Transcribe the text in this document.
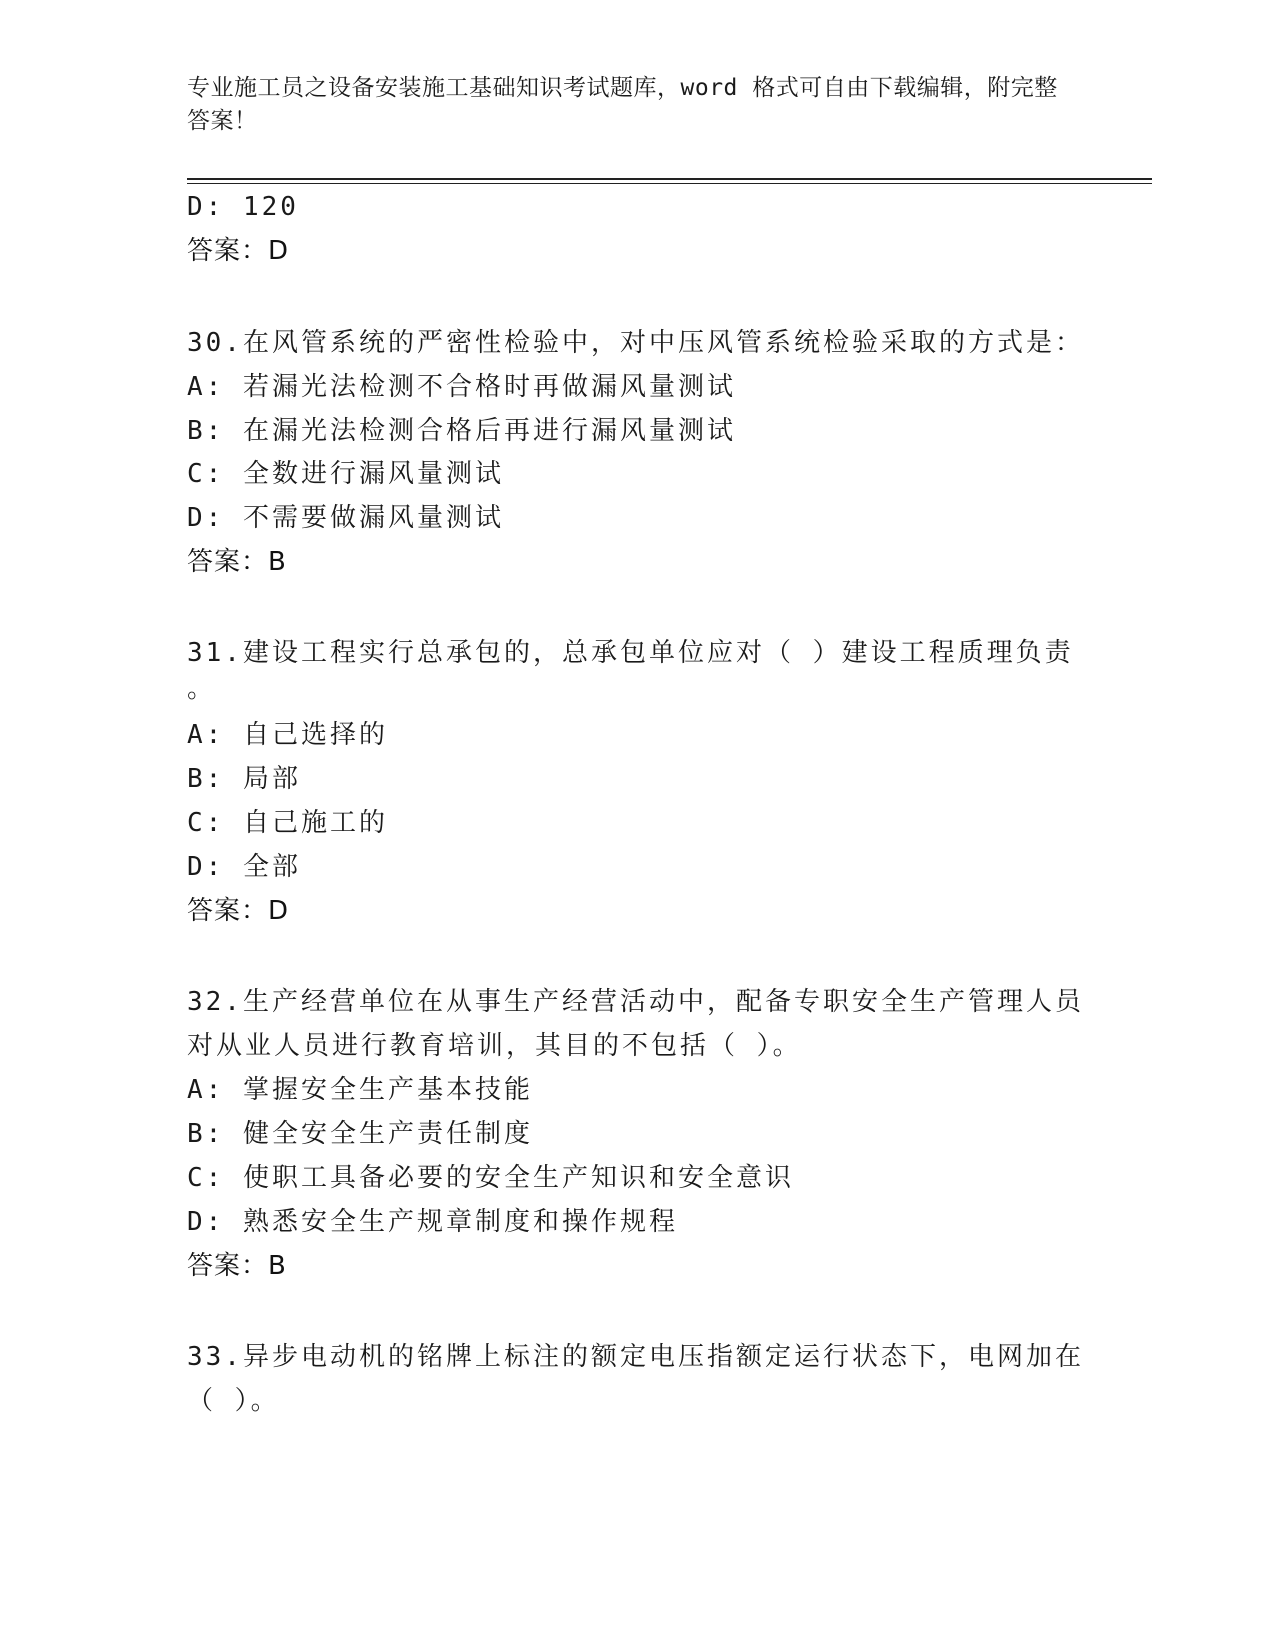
专业施工员之设备安装施工基础知识考试题库，word 格式可自由下载编辑，附完整答案！
D: 120
答案：D
30.在风管系统的严密性检验中，对中压风管系统检验采取的方式是：
A: 若漏光法检测不合格时再做漏风量测试
B: 在漏光法检测合格后再进行漏风量测试
C: 全数进行漏风量测试
D: 不需要做漏风量测试
答案：B
31.建设工程实行总承包的，总承包单位应对（ ）建设工程质理负责
。
A: 自己选择的
B: 局部
C: 自己施工的
D: 全部
答案：D
32.生产经营单位在从事生产经营活动中，配备专职安全生产管理人员
对从业人员进行教育培训，其目的不包括（ ）。
A: 掌握安全生产基本技能
B: 健全安全生产责任制度
C: 使职工具备必要的安全生产知识和安全意识
D: 熟悉安全生产规章制度和操作规程
答案：B
33.异步电动机的铭牌上标注的额定电压指额定运行状态下，电网加在
（ ）。
